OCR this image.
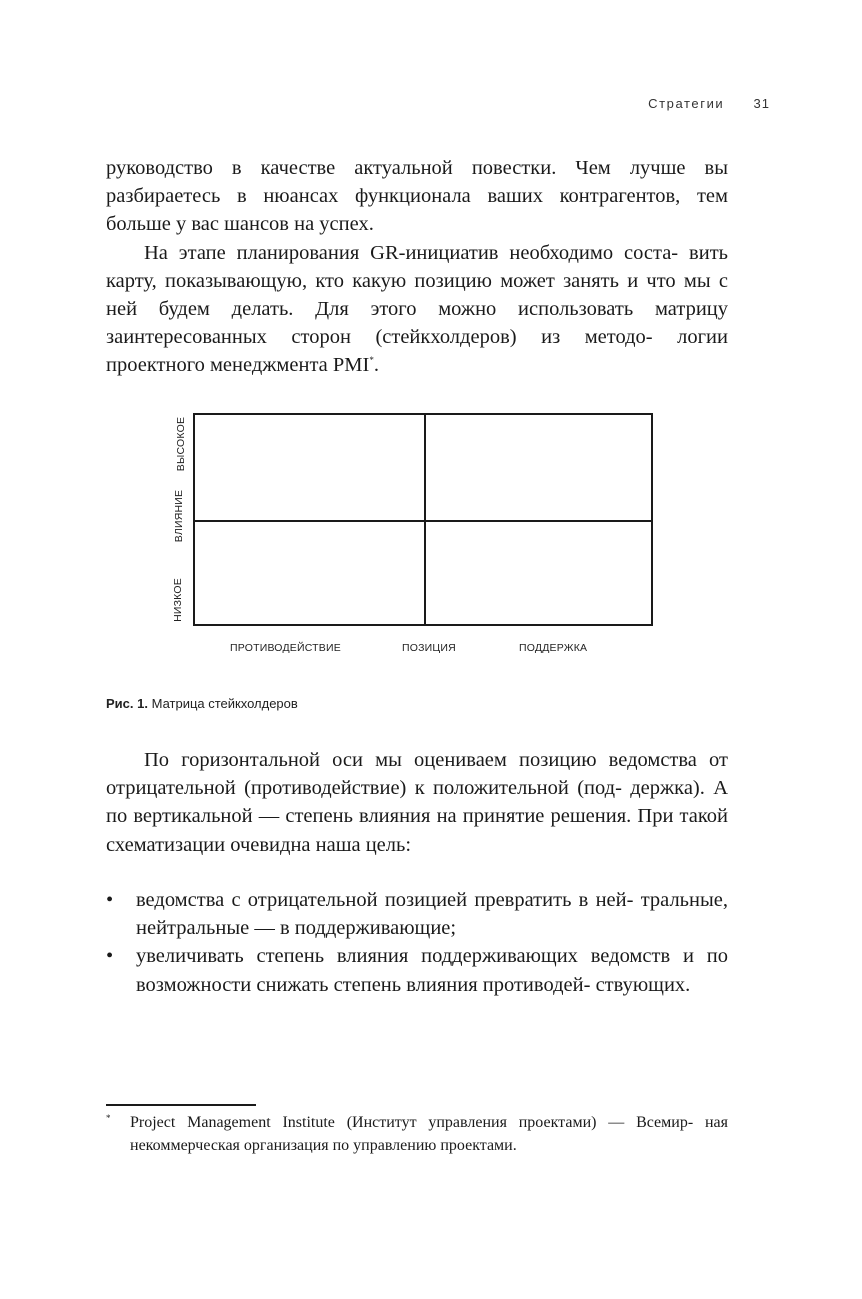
Стратегии 31

руководство в качестве актуальной повестки. Чем лучше вы разбираетесь в нюансах функционала ваших контрагентов, тем больше у вас шансов на успех.

На этапе планирования GR-инициатив необходимо соста- вить карту, показывающую, кто какую позицию может занять и что мы с ней будем делать. Для этого можно использовать матрицу заинтересованных сторон (стейкхолдеров) из методо- логии проектного менеджмента PMI*.

ВЫСОКОЕ
ВЛИЯНИЕ
НИЗКОЕ
ПРОТИВОДЕЙСТВИЕ	ПОЗИЦИЯ	ПОДДЕРЖКА
Рис. 1. Матрица стейкхолдеров

По горизонтальной оси мы оцениваем позицию ведомства от отрицательной (противодействие) к положительной (под- держка). А по вертикальной — степень влияния на принятие решения. При такой схематизации очевидна наша цель:

• ведомства с отрицательной позицией превратить в ней- тральные, нейтральные — в поддерживающие;
• увеличивать степень влияния поддерживающих ведомств и по возможности снижать степень влияния противодей- ствующих.
* Project Management Institute (Институт управления проектами) — Всемир- ная некоммерческая организация по управлению проектами.
